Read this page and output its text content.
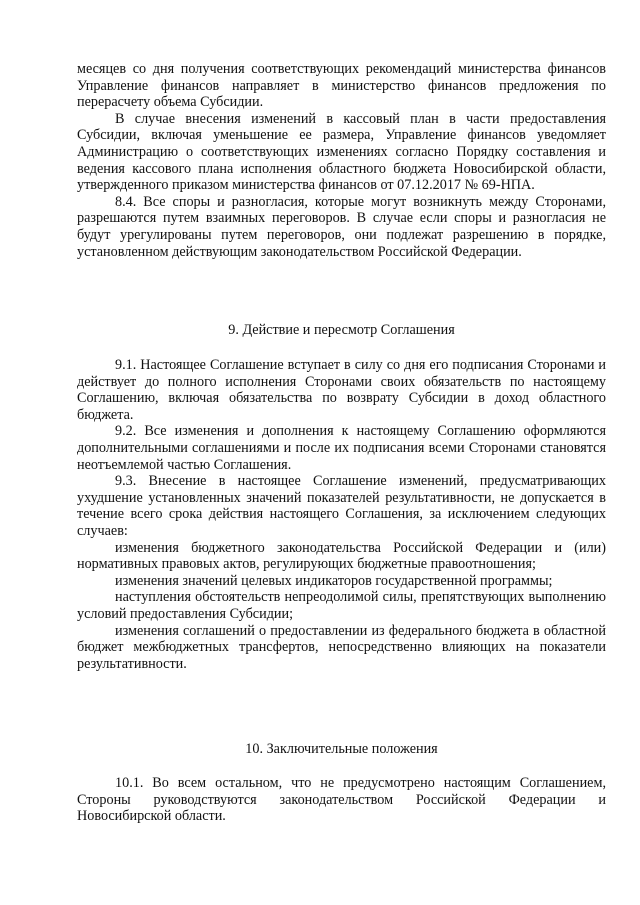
месяцев со дня получения соответствующих рекомендаций министерства финансов Управление финансов направляет в министерство финансов предложения по перерасчету объема Субсидии.

В случае внесения изменений в кассовый план в части предоставления Субсидии, включая уменьшение ее размера, Управление финансов уведомляет Администрацию о соответствующих изменениях согласно Порядку составления и ведения кассового плана исполнения областного бюджета Новосибирской области, утвержденного приказом министерства финансов от 07.12.2017 № 69-НПА.

8.4. Все споры и разногласия, которые могут возникнуть между Сторонами, разрешаются путем взаимных переговоров. В случае если споры и разногласия не будут урегулированы путем переговоров, они подлежат разрешению в порядке, установленном действующим законодательством Российской Федерации.

9. Действие и пересмотр Соглашения

9.1. Настоящее Соглашение вступает в силу со дня его подписания Сторонами и действует до полного исполнения Сторонами своих обязательств по настоящему Соглашению, включая обязательства по возврату Субсидии в доход областного бюджета.

9.2. Все изменения и дополнения к настоящему Соглашению оформляются дополнительными соглашениями и после их подписания всеми Сторонами становятся неотъемлемой частью Соглашения.

9.3. Внесение в настоящее Соглашение изменений, предусматривающих ухудшение установленных значений показателей результативности, не допускается в течение всего срока действия настоящего Соглашения, за исключением следующих случаев:

изменения бюджетного законодательства Российской Федерации и (или) нормативных правовых актов, регулирующих бюджетные правоотношения;

изменения значений целевых индикаторов государственной программы;

наступления обстоятельств непреодолимой силы, препятствующих выполнению условий предоставления Субсидии;

изменения соглашений о предоставлении из федерального бюджета в областной бюджет межбюджетных трансфертов, непосредственно влияющих на показатели результативности.

10. Заключительные положения

10.1. Во всем остальном, что не предусмотрено настоящим Соглашением, Стороны руководствуются законодательством Российской Федерации и Новосибирской области.
